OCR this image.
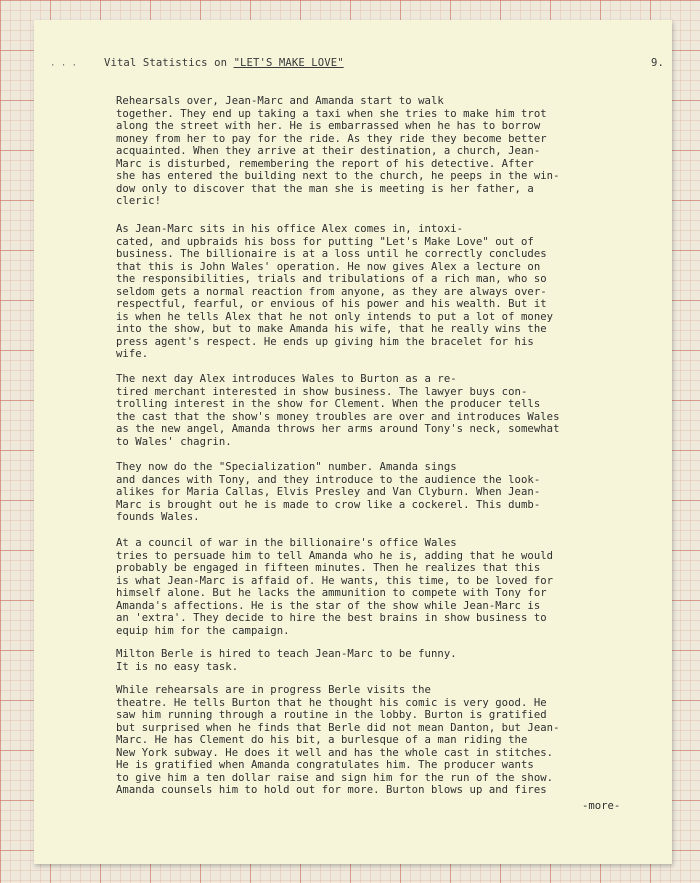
· · ·	Vital Statistics on "LET'S MAKE LOVE"	9.

Rehearsals over, Jean-Marc and Amanda start to walk
together. They end up taking a taxi when she tries to make him trot
along the street with her. He is embarrassed when he has to borrow
money from her to pay for the ride. As they ride they become better
acquainted. When they arrive at their destination, a church, Jean-
Marc is disturbed, remembering the report of his detective. After
she has entered the building next to the church, he peeps in the win-
dow only to discover that the man she is meeting is her father, a
cleric!

As Jean-Marc sits in his office Alex comes in, intoxi-
cated, and upbraids his boss for putting "Let's Make Love" out of
business. The billionaire is at a loss until he correctly concludes
that this is John Wales' operation. He now gives Alex a lecture on
the responsibilities, trials and tribulations of a rich man, who so
seldom gets a normal reaction from anyone, as they are always over-
respectful, fearful, or envious of his power and his wealth. But it
is when he tells Alex that he not only intends to put a lot of money
into the show, but to make Amanda his wife, that he really wins the
press agent's respect. He ends up giving him the bracelet for his
wife.

The next day Alex introduces Wales to Burton as a re-
tired merchant interested in show business. The lawyer buys con-
trolling interest in the show for Clement. When the producer tells
the cast that the show's money troubles are over and introduces Wales
as the new angel, Amanda throws her arms around Tony's neck, somewhat
to Wales' chagrin.

They now do the "Specialization" number. Amanda sings
and dances with Tony, and they introduce to the audience the look-
alikes for Maria Callas, Elvis Presley and Van Clyburn. When Jean-
Marc is brought out he is made to crow like a cockerel. This dumb-
founds Wales.

At a council of war in the billionaire's office Wales
tries to persuade him to tell Amanda who he is, adding that he would
probably be engaged in fifteen minutes. Then he realizes that this
is what Jean-Marc is affaid of. He wants, this time, to be loved for
himself alone. But he lacks the ammunition to compete with Tony for
Amanda's affections. He is the star of the show while Jean-Marc is
an 'extra'. They decide to hire the best brains in show business to
equip him for the campaign.

Milton Berle is hired to teach Jean-Marc to be funny.
It is no easy task.

While rehearsals are in progress Berle visits the
theatre. He tells Burton that he thought his comic is very good. He
saw him running through a routine in the lobby. Burton is gratified
but surprised when he finds that Berle did not mean Danton, but Jean-
Marc. He has Clement do his bit, a burlesque of a man riding the
New York subway. He does it well and has the whole cast in stitches.
He is gratified when Amanda congratulates him. The producer wants
to give him a ten dollar raise and sign him for the run of the show.
Amanda counsels him to hold out for more. Burton blows up and fires

-more-
